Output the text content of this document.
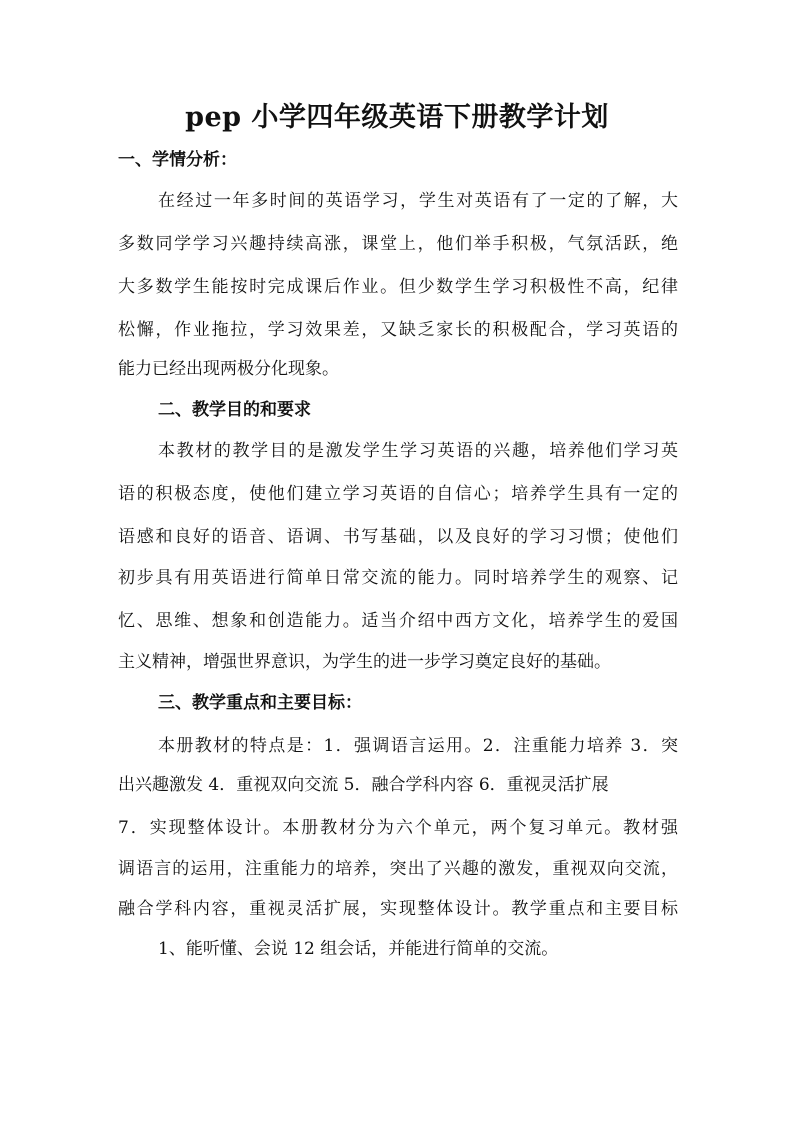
pep 小学四年级英语下册教学计划
一、学情分析：
在经过一年多时间的英语学习，学生对英语有了一定的了解，大
多数同学学习兴趣持续高涨，课堂上，他们举手积极，气氛活跃，绝
大多数学生能按时完成课后作业。但少数学生学习积极性不高，纪律
松懈，作业拖拉，学习效果差，又缺乏家长的积极配合，学习英语的
能力已经出现两极分化现象。
二、教学目的和要求
本教材的教学目的是激发学生学习英语的兴趣，培养他们学习英
语的积极态度，使他们建立学习英语的自信心；培养学生具有一定的
语感和良好的语音、语调、书写基础，以及良好的学习习惯；使他们
初步具有用英语进行简单日常交流的能力。同时培养学生的观察、记
忆、思维、想象和创造能力。适当介绍中西方文化，培养学生的爱国
主义精神，增强世界意识，为学生的进一步学习奠定良好的基础。
三、教学重点和主要目标：
本册教材的特点是：1．强调语言运用。2．注重能力培养 3．突
出兴趣激发 4．重视双向交流 5．融合学科内容 6．重视灵活扩展
7．实现整体设计。本册教材分为六个单元，两个复习单元。教材强
调语言的运用，注重能力的培养，突出了兴趣的激发，重视双向交流，
融合学科内容，重视灵活扩展，实现整体设计。教学重点和主要目标
1、能听懂、会说 12 组会话，并能进行简单的交流。
